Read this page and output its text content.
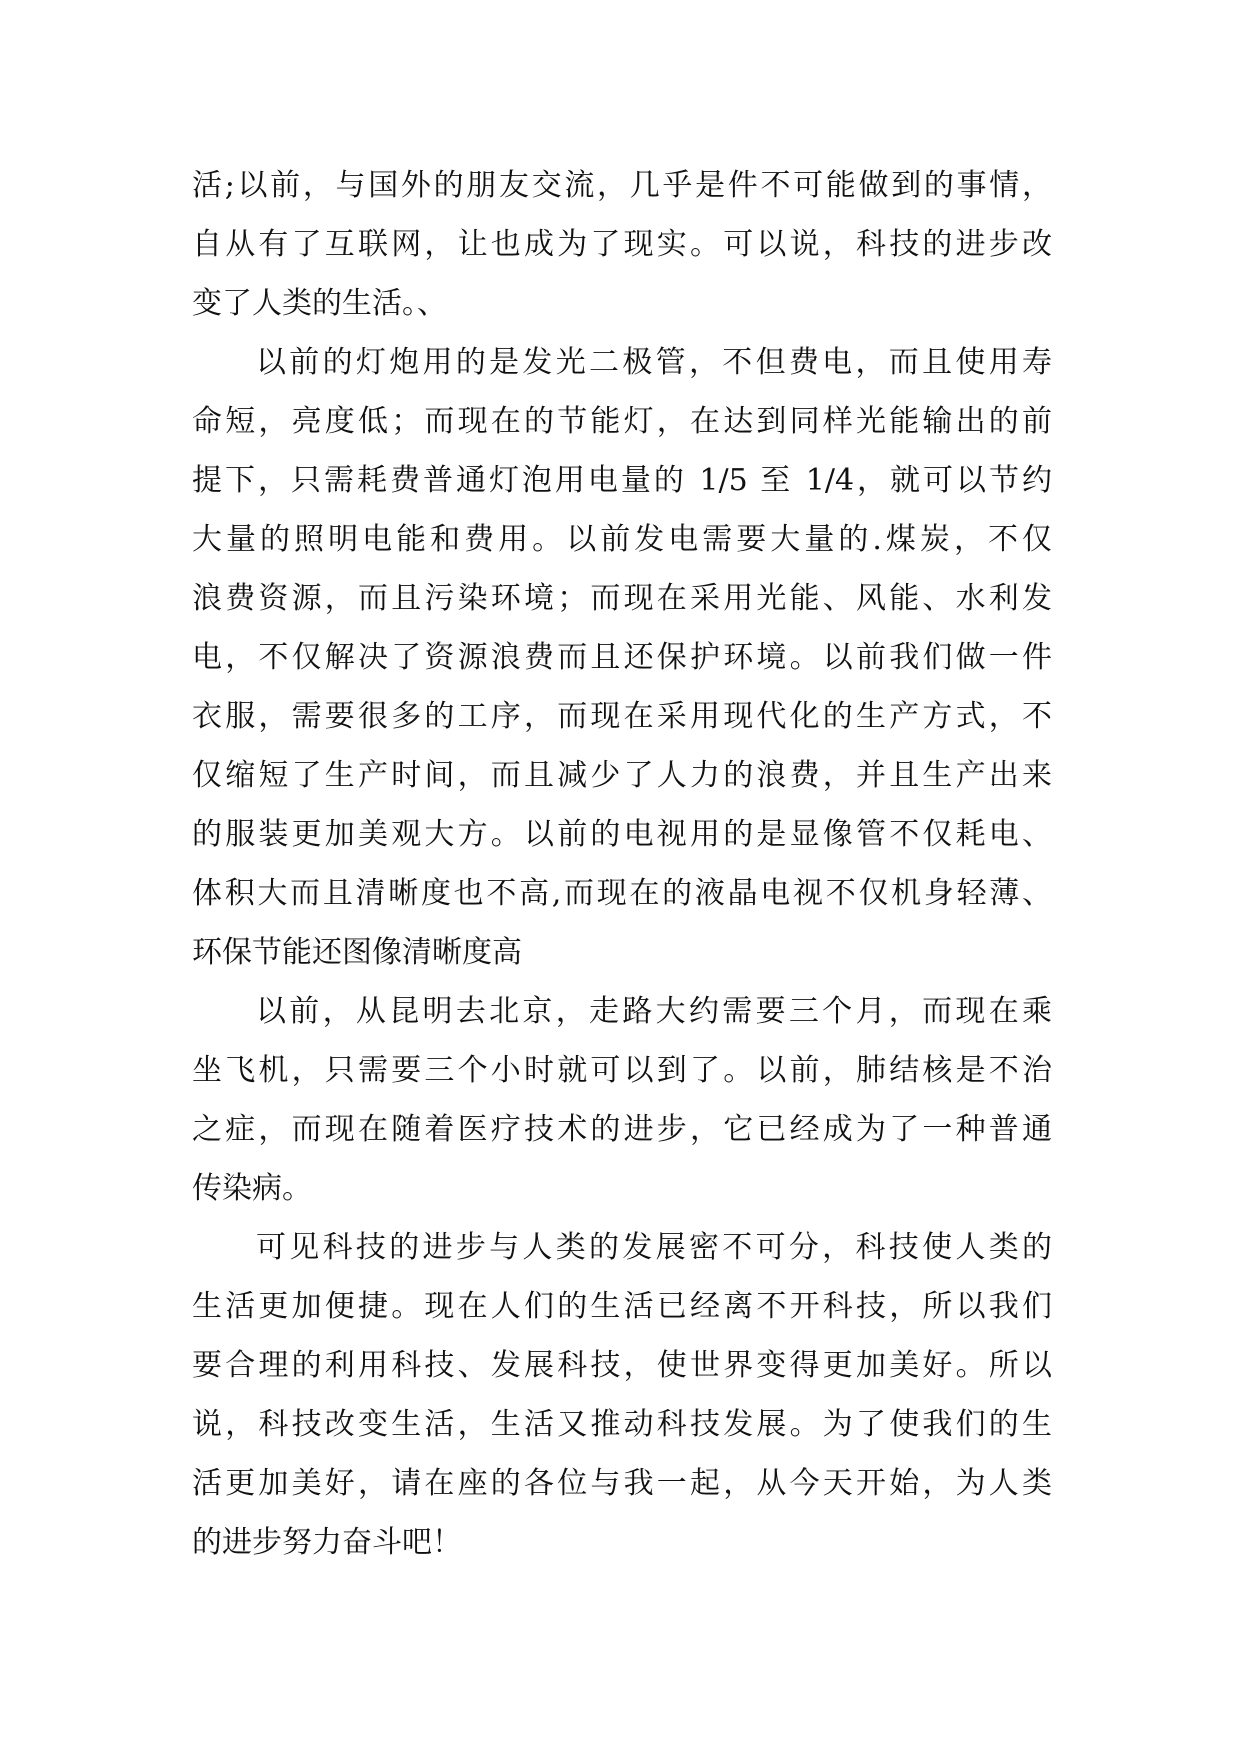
活;以前，与国外的朋友交流，几乎是件不可能做到的事情，
自从有了互联网，让也成为了现实。可以说，科技的进步改
变了人类的生活。、
以前的灯炮用的是发光二极管，不但费电，而且使用寿
命短，亮度低；而现在的节能灯，在达到同样光能输出的前
提下，只需耗费普通灯泡用电量的 1/5 至 1/4，就可以节约
大量的照明电能和费用。以前发电需要大量的.煤炭，不仅
浪费资源，而且污染环境；而现在采用光能、风能、水利发
电，不仅解决了资源浪费而且还保护环境。以前我们做一件
衣服，需要很多的工序，而现在采用现代化的生产方式，不
仅缩短了生产时间，而且减少了人力的浪费，并且生产出来
的服装更加美观大方。以前的电视用的是显像管不仅耗电、
体积大而且清晰度也不高,而现在的液晶电视不仅机身轻薄、
环保节能还图像清晰度高
以前，从昆明去北京，走路大约需要三个月，而现在乘
坐飞机，只需要三个小时就可以到了。以前，肺结核是不治
之症，而现在随着医疗技术的进步，它已经成为了一种普通
传染病。
可见科技的进步与人类的发展密不可分，科技使人类的
生活更加便捷。现在人们的生活已经离不开科技，所以我们
要合理的利用科技、发展科技，使世界变得更加美好。所以
说，科技改变生活，生活又推动科技发展。为了使我们的生
活更加美好，请在座的各位与我一起，从今天开始，为人类
的进步努力奋斗吧！
